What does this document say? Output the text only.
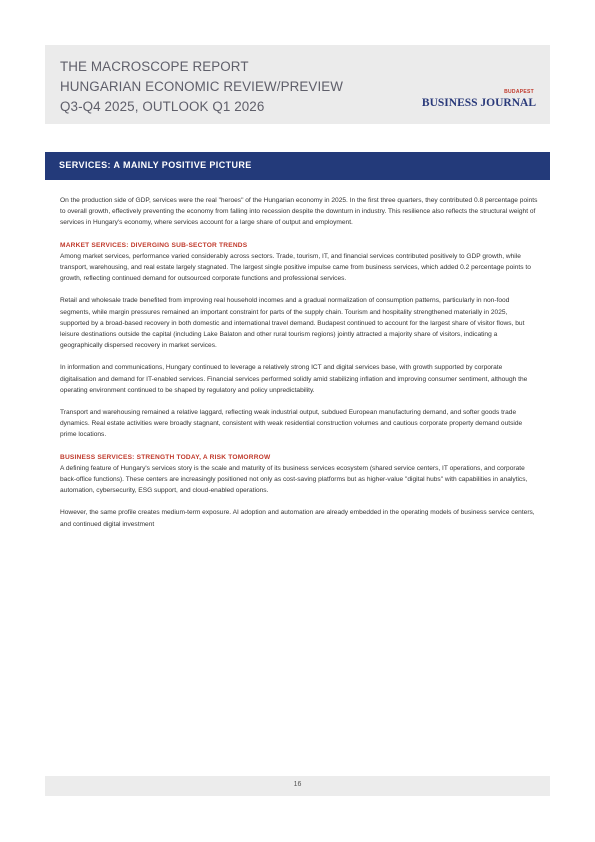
THE MACROSCOPE REPORT
HUNGARIAN ECONOMIC REVIEW/PREVIEW
Q3-Q4 2025, OUTLOOK Q1 2026
BUDAPEST
BUSINESS JOURNAL
SERVICES: A MAINLY POSITIVE PICTURE

On the production side of GDP, services were the real "heroes" of the Hungarian economy in 2025. In the first three quarters, they contributed 0.8 percentage points to overall growth, effectively preventing the economy from falling into recession despite the downturn in industry. This resilience also reflects the structural weight of services in Hungary's economy, where services account for a large share of output and employment.

MARKET SERVICES: DIVERGING SUB-SECTOR TRENDS

Among market services, performance varied considerably across sectors. Trade, tourism, IT, and financial services contributed positively to GDP growth, while transport, warehousing, and real estate largely stagnated. The largest single positive impulse came from business services, which added 0.2 percentage points to growth, reflecting continued demand for outsourced corporate functions and professional services.

Retail and wholesale trade benefited from improving real household incomes and a gradual normalization of consumption patterns, particularly in non-food segments, while margin pressures remained an important constraint for parts of the supply chain. Tourism and hospitality strengthened materially in 2025, supported by a broad-based recovery in both domestic and international travel demand. Budapest continued to account for the largest share of visitor flows, but leisure destinations outside the capital (including Lake Balaton and other rural tourism regions) jointly attracted a majority share of visitors, indicating a geographically dispersed recovery in market services.

In information and communications, Hungary continued to leverage a relatively strong ICT and digital services base, with growth supported by corporate digitalisation and demand for IT-enabled services. Financial services performed solidly amid stabilizing inflation and improving consumer sentiment, although the operating environment continued to be shaped by regulatory and policy unpredictability.

Transport and warehousing remained a relative laggard, reflecting weak industrial output, subdued European manufacturing demand, and softer goods trade dynamics. Real estate activities were broadly stagnant, consistent with weak residential construction volumes and cautious corporate property demand outside prime locations.

BUSINESS SERVICES: STRENGTH TODAY, A RISK TOMORROW

A defining feature of Hungary's services story is the scale and maturity of its business services ecosystem (shared service centers, IT operations, and corporate back-office functions). These centers are increasingly positioned not only as cost-saving platforms but as higher-value "digital hubs" with capabilities in analytics, automation, cybersecurity, ESG support, and cloud-enabled operations.

However, the same profile creates medium-term exposure. AI adoption and automation are already embedded in the operating models of business service centers, and continued digital investment

16
